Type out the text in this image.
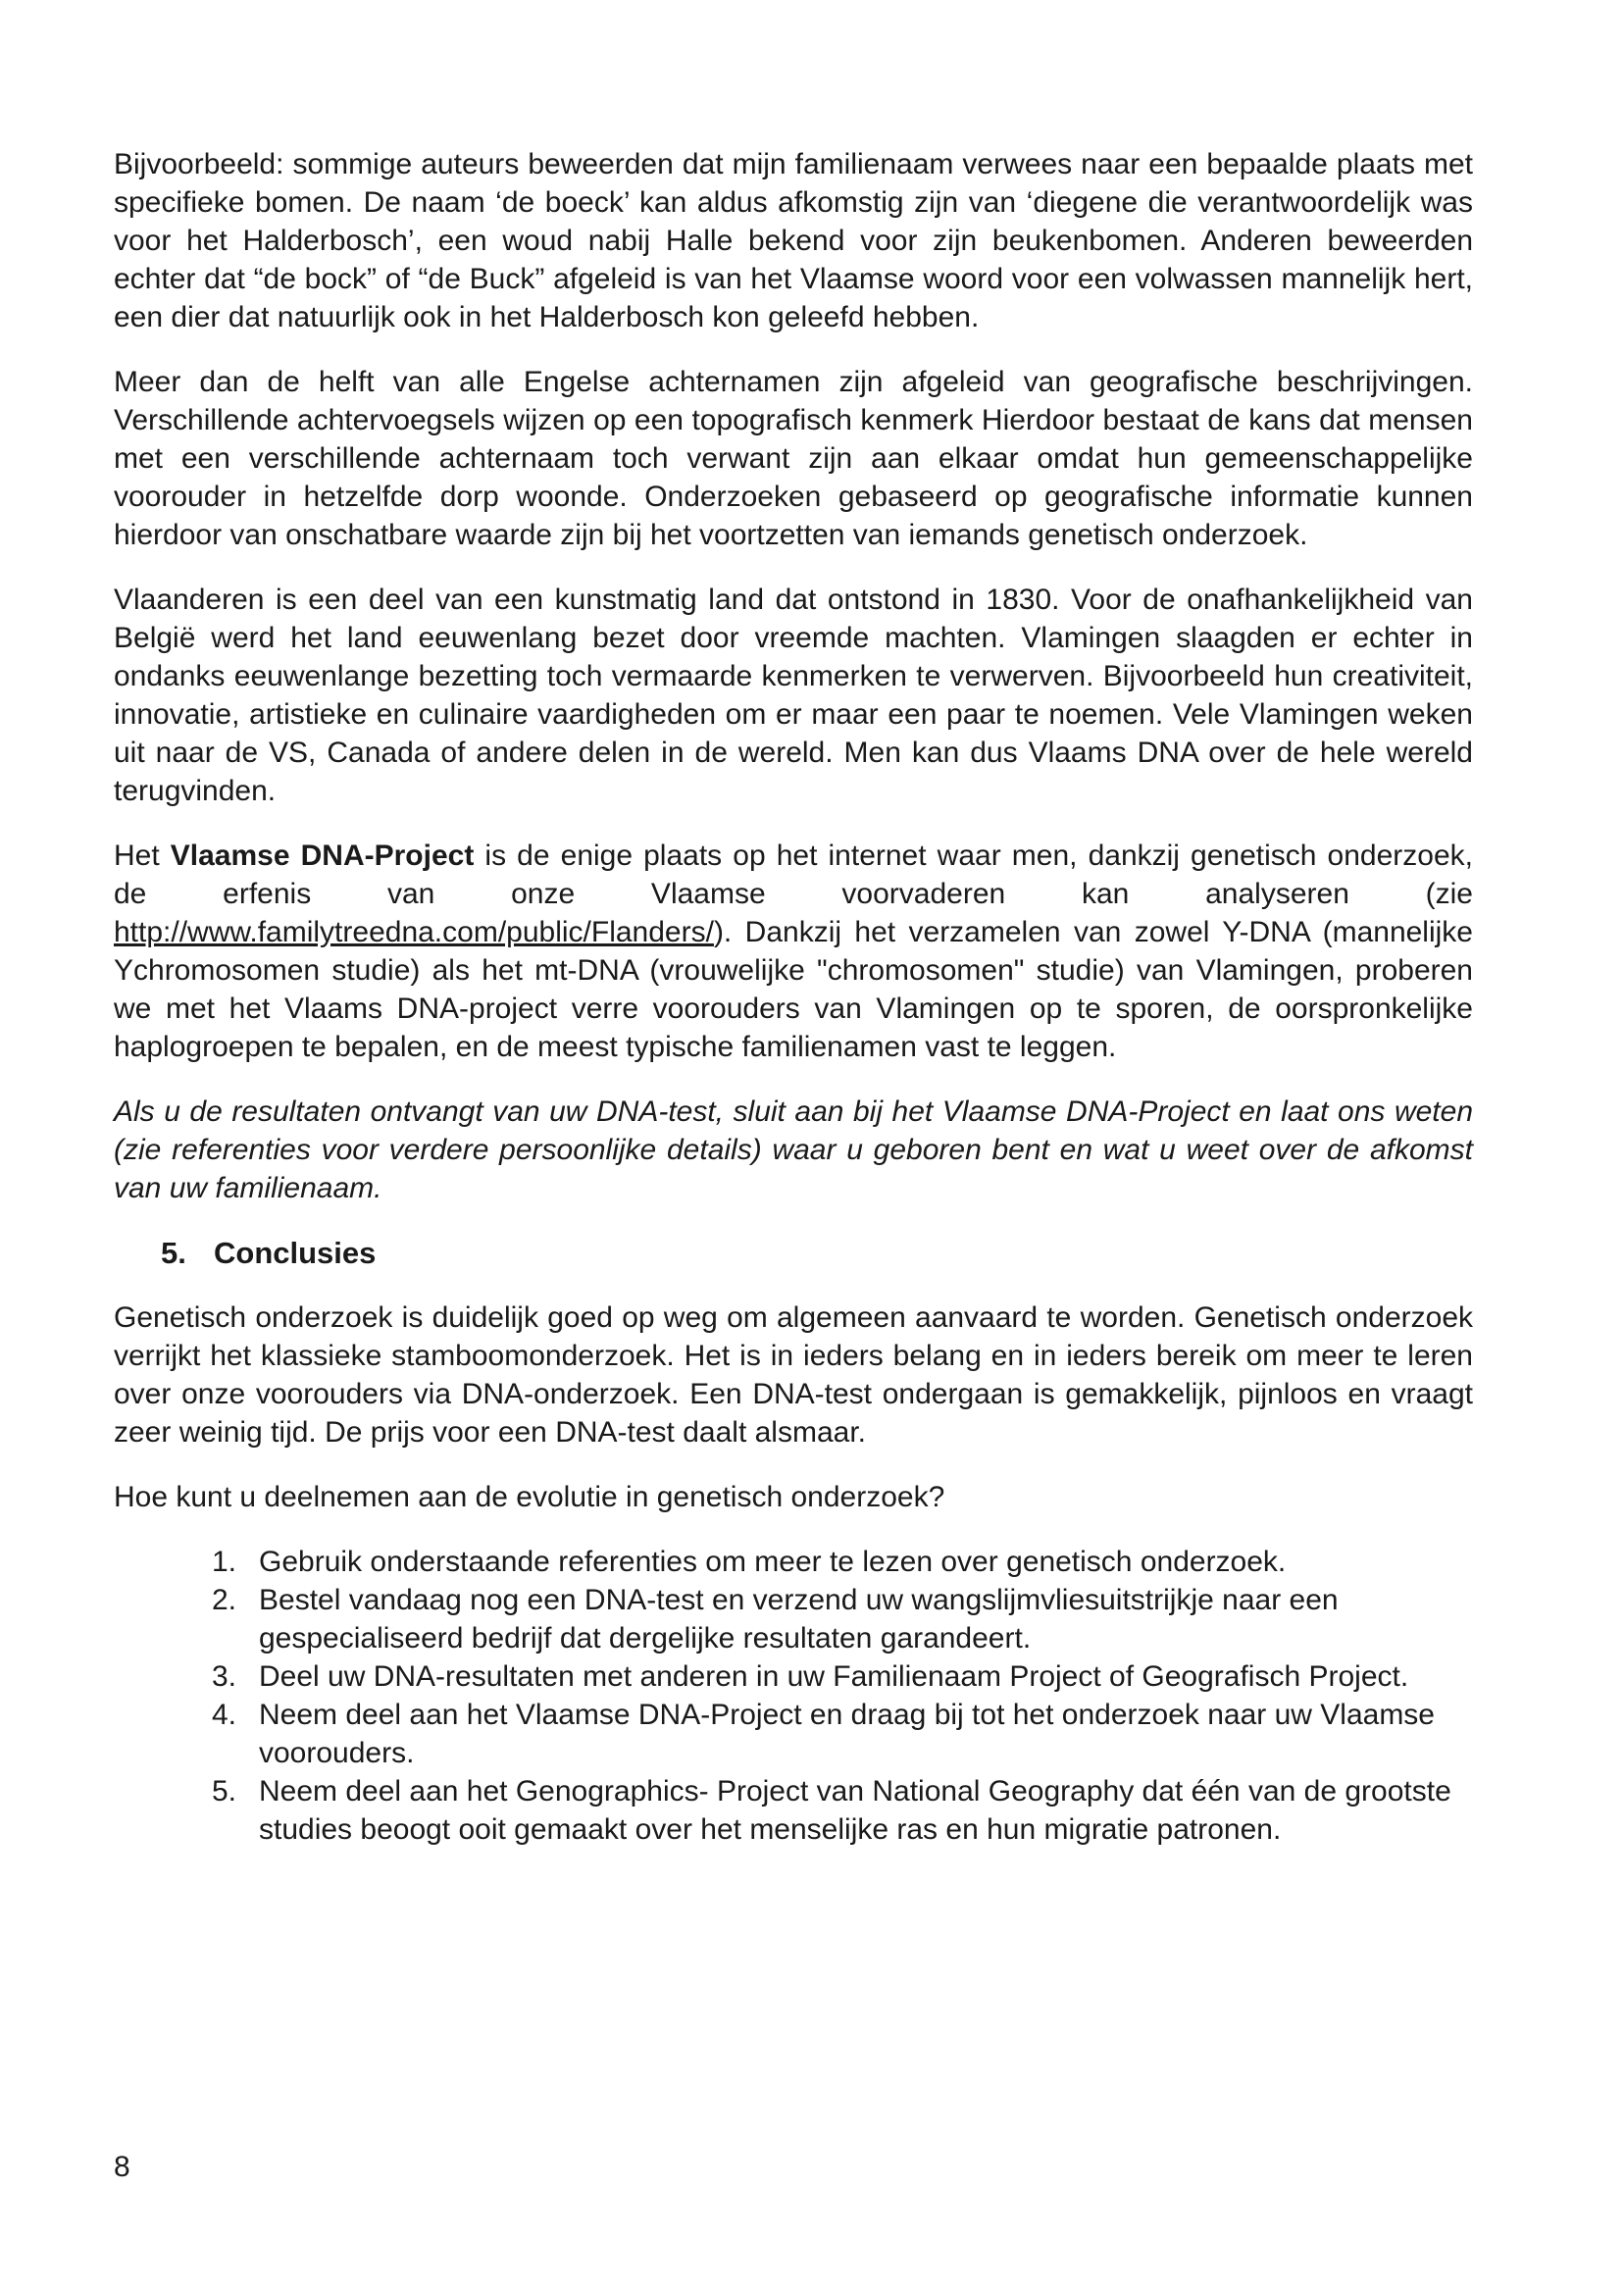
Bijvoorbeeld: sommige auteurs beweerden dat mijn familienaam verwees naar een bepaalde plaats met specifieke bomen. De naam ‘de boeck’ kan aldus afkomstig zijn van ‘diegene die verantwoordelijk was voor het Halderbosch’, een woud nabij Halle bekend voor zijn beukenbomen. Anderen beweerden echter dat “de bock” of “de Buck” afgeleid is van het Vlaamse woord voor een volwassen mannelijk hert, een dier dat natuurlijk ook in het Halderbosch kon geleefd hebben.

Meer dan de helft van alle Engelse achternamen zijn afgeleid van geografische beschrijvingen. Verschillende achtervoegsels wijzen op een topografisch kenmerk Hierdoor bestaat de kans dat mensen met een verschillende achternaam toch verwant zijn aan elkaar omdat hun gemeenschappelijke voorouder in hetzelfde dorp woonde. Onderzoeken gebaseerd op geografische informatie kunnen hierdoor van onschatbare waarde zijn bij het voortzetten van iemands genetisch onderzoek.

Vlaanderen is een deel van een kunstmatig land dat ontstond in 1830. Voor de onafhankelijkheid van België werd het land eeuwenlang bezet door vreemde machten. Vlamingen slaagden er echter in ondanks eeuwenlange bezetting toch vermaarde kenmerken te verwerven. Bijvoorbeeld hun creativiteit, innovatie, artistieke en culinaire vaardigheden om er maar een paar te noemen. Vele Vlamingen weken uit naar de VS, Canada of andere delen in de wereld. Men kan dus Vlaams DNA over de hele wereld terugvinden.

Het Vlaamse DNA-Project is de enige plaats op het internet waar men, dankzij genetisch onderzoek, de erfenis van onze Vlaamse voorvaderen kan analyseren (zie http://www.familytreedna.com/public/Flanders/). Dankzij het verzamelen van zowel Y-DNA (mannelijke Ychromosomen studie) als het mt-DNA (vrouwelijke "chromosomen" studie) van Vlamingen, proberen we met het Vlaams DNA-project verre voorouders van Vlamingen op te sporen, de oorspronkelijke haplogroepen te bepalen, en de meest typische familienamen vast te leggen.

Als u de resultaten ontvangt van uw DNA-test, sluit aan bij het Vlaamse DNA-Project en laat ons weten (zie referenties voor verdere persoonlijke details) waar u geboren bent en wat u weet over de afkomst van uw familienaam.

5. Conclusies

Genetisch onderzoek is duidelijk goed op weg om algemeen aanvaard te worden. Genetisch onderzoek verrijkt het klassieke stamboomonderzoek. Het is in ieders belang en in ieders bereik om meer te leren over onze voorouders via DNA-onderzoek. Een DNA-test ondergaan is gemakkelijk, pijnloos en vraagt zeer weinig tijd. De prijs voor een DNA-test daalt alsmaar.

Hoe kunt u deelnemen aan de evolutie in genetisch onderzoek?

1. Gebruik onderstaande referenties om meer te lezen over genetisch onderzoek.
2. Bestel vandaag nog een DNA-test en verzend uw wangslijmvliesuitstrijkje naar een gespecialiseerd bedrijf dat dergelijke resultaten garandeert.
3. Deel uw DNA-resultaten met anderen in uw Familienaam Project of Geografisch Project.
4. Neem deel aan het Vlaamse DNA-Project en draag bij tot het onderzoek naar uw Vlaamse voorouders.
5. Neem deel aan het Genographics- Project van National Geography dat één van de grootste studies beoogt ooit gemaakt over het menselijke ras en hun migratie patronen.
8
